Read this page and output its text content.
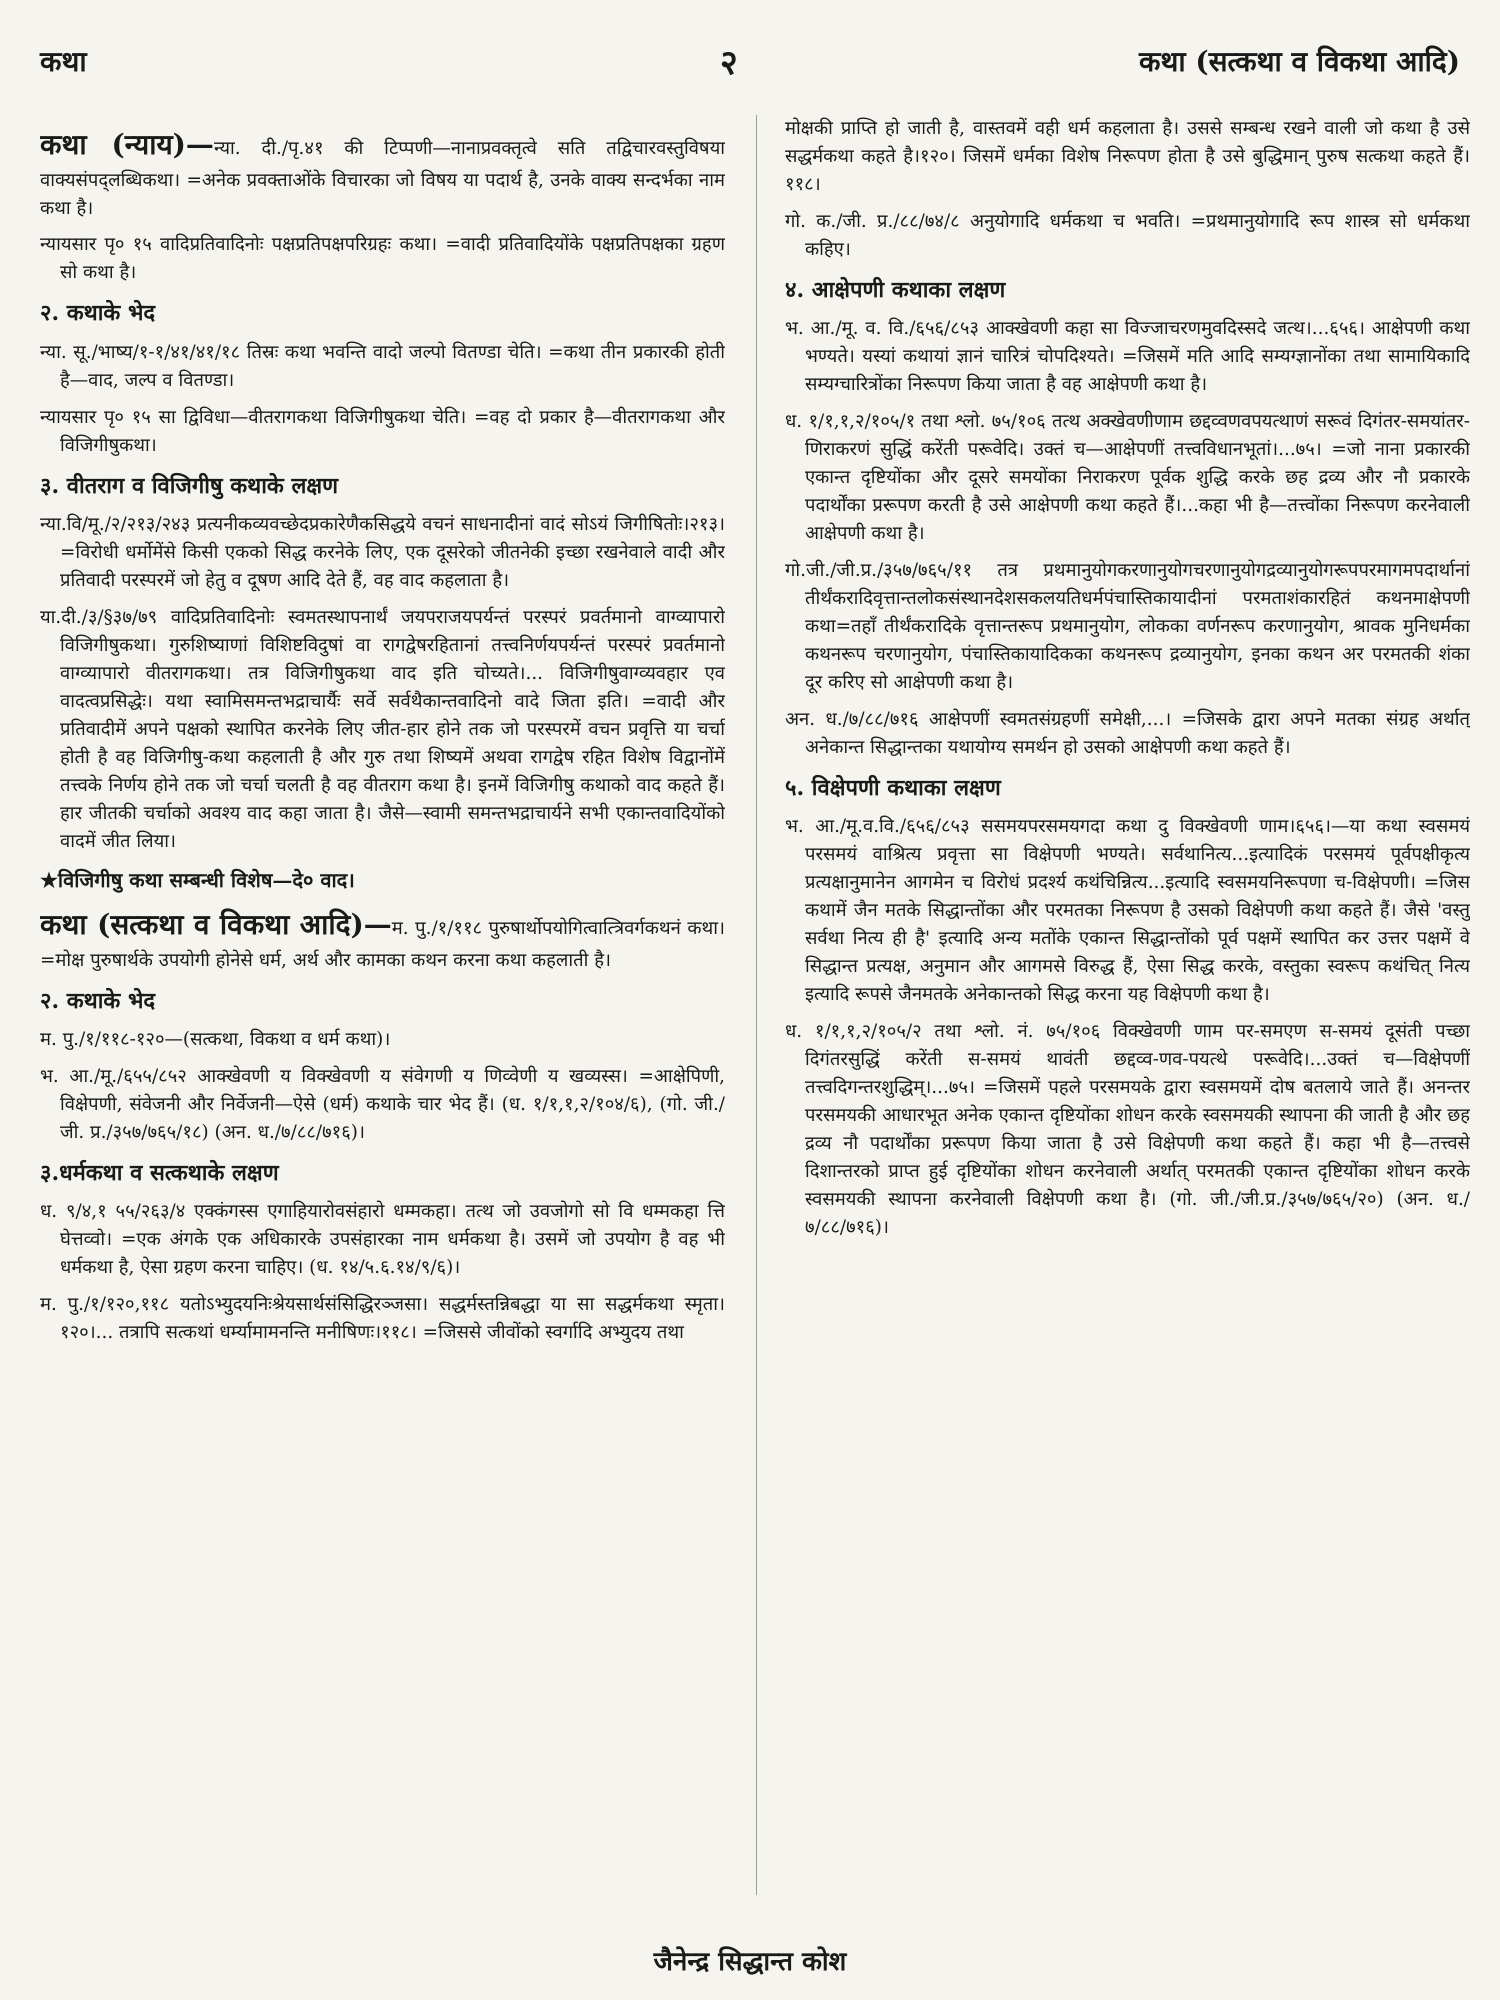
कथा	२	कथा (सत्कथा व विकथा आदि)

कथा (न्याय)—न्या. दी./पृ.४१ की टिप्पणी—नानाप्रवक्तृत्वे सति तद्विचारवस्तुविषया वाक्यसंपद्लब्धिकथा। =अनेक प्रवक्ताओंके विचारका जो विषय या पदार्थ है, उनके वाक्य सन्दर्भका नाम कथा है।

न्यायसार पृ० १५ वादिप्रतिवादिनोः पक्षप्रतिपक्षपरिग्रहः कथा। =वादी प्रतिवादियोंके पक्षप्रतिपक्षका ग्रहण सो कथा है।

२. कथाके भेद

न्या. सू./भाष्य/१-१/४१/४१/१८ तिस्रः कथा भवन्ति वादो जल्पो वितण्डा चेति। =कथा तीन प्रकारकी होती है—वाद, जल्प व वितण्डा।

न्यायसार पृ० १५ सा द्विविधा—वीतरागकथा विजिगीषुकथा चेति। =वह दो प्रकार है—वीतरागकथा और विजिगीषुकथा।

३. वीतराग व विजिगीषु कथाके लक्षण

न्या.वि/मू./२/२१३/२४३ प्रत्यनीकव्यवच्छेदप्रकारेणैकसिद्धये वचनं साधनादीनां वादं सोऽयं जिगीषितोः।२१३। =विरोधी धर्मोमेंसे किसी एकको सिद्ध करनेके लिए, एक दूसरेको जीतनेकी इच्छा रखनेवाले वादी और प्रतिवादी परस्परमें जो हेतु व दूषण आदि देते हैं, वह वाद कहलाता है।

या.दी./३/§३७/७९ वादिप्रतिवादिनोः स्वमतस्थापनार्थं जयपराजयपर्यन्तं परस्परं प्रवर्तमानो वाग्व्यापारो विजिगीषुकथा। गुरुशिष्याणां विशिष्टविदुषां वा रागद्वेषरहितानां तत्त्वनिर्णयपर्यन्तं परस्परं प्रवर्तमानो वाग्व्यापारो वीतरागकथा। तत्र विजिगीषुकथा वाद इति चोच्यते।... विजिगीषुवाग्व्यवहार एव वादत्वप्रसिद्धेः। यथा स्वामिसमन्तभद्राचार्यैः सर्वे सर्वथैकान्तवादिनो वादे जिता इति। =वादी और प्रतिवादीमें अपने पक्षको स्थापित करनेके लिए जीत-हार होने तक जो परस्परमें वचन प्रवृत्ति या चर्चा होती है वह विजिगीषु-कथा कहलाती है और गुरु तथा शिष्यमें अथवा रागद्वेष रहित विशेष विद्वानोंमें तत्त्वके निर्णय होने तक जो चर्चा चलती है वह वीतराग कथा है। इनमें विजिगीषु कथाको वाद कहते हैं। हार जीतकी चर्चाको अवश्य वाद कहा जाता है। जैसे—स्वामी समन्तभद्राचार्यने सभी एकान्तवादियोंको वादमें जीत लिया।

★विजिगीषु कथा सम्बन्धी विशेष—दे० वाद।

कथा (सत्कथा व विकथा आदि)—म. पु./१/११८ पुरुषार्थोपयोगित्वात्त्रिवर्गकथनं कथा। =मोक्ष पुरुषार्थके उपयोगी होनेसे धर्म, अर्थ और कामका कथन करना कथा कहलाती है।

२. कथाके भेद

म. पु./१/११८-१२०—(सत्कथा, विकथा व धर्म कथा)।

भ. आ./मू./६५५/८५२ आक्खेवणी य विक्खेवणी य संवेगणी य णिव्वेणी य खव्यस्स। =आक्षेपिणी, विक्षेपणी, संवेजनी और निर्वेजनी—ऐसे (धर्म) कथाके चार भेद हैं। (ध. १/१,१,२/१०४/६), (गो. जी./जी. प्र./३५७/७६५/१८) (अन. ध./७/८८/७१६)।

३.धर्मकथा व सत्कथाके लक्षण

ध. ९/४,१ ५५/२६३/४ एक्कंगस्स एगाहियारोवसंहारो धम्मकहा। तत्थ जो उवजोगो सो वि धम्मकहा त्ति घेत्तव्वो। =एक अंगके एक अधिकारके उपसंहारका नाम धर्मकथा है। उसमें जो उपयोग है वह भी धर्मकथा है, ऐसा ग्रहण करना चाहिए। (ध. १४/५.६.१४/९/६)।

म. पु./१/१२०,११८ यतोऽभ्युदयनिःश्रेयसार्थसंसिद्धिरञ्जसा। सद्धर्मस्तन्निबद्धा या सा सद्धर्मकथा स्मृता।१२०।... तत्रापि सत्कथां धर्म्यामामनन्ति मनीषिणः।११८। =जिससे जीवोंको स्वर्गादि अभ्युदय तथा

मोक्षकी प्राप्ति हो जाती है, वास्तवमें वही धर्म कहलाता है। उससे सम्बन्ध रखने वाली जो कथा है उसे सद्धर्मकथा कहते है।१२०। जिसमें धर्मका विशेष निरूपण होता है उसे बुद्धिमान् पुरुष सत्कथा कहते हैं।११८।

गो. क./जी. प्र./८८/७४/८ अनुयोगादि धर्मकथा च भवति। =प्रथमानुयोगादि रूप शास्त्र सो धर्मकथा कहिए।

४. आक्षेपणी कथाका लक्षण

भ. आ./मू. व. वि./६५६/८५३ आक्खेवणी कहा सा विज्जाचरणमुवदिस्सदे जत्थ।...६५६। आक्षेपणी कथा भण्यते। यस्यां कथायां ज्ञानं चारित्रं चोपदिश्यते। =जिसमें मति आदि सम्यग्ज्ञानोंका तथा सामायिकादि सम्यग्चारित्रोंका निरूपण किया जाता है वह आक्षेपणी कथा है।

ध. १/१,१,२/१०५/१ तथा श्लो. ७५/१०६ तत्थ अक्खेवणीणाम छद्दव्वणवपयत्थाणं सरूवं दिगंतर-समयांतर-णिराकरणं सुद्धिं करेंती परूवेदि। उक्तं च—आक्षेपणीं तत्त्वविधानभूतां।...७५। =जो नाना प्रकारकी एकान्त दृष्टियोंका और दूसरे समयोंका निराकरण पूर्वक शुद्धि करके छह द्रव्य और नौ प्रकारके पदार्थोंका प्ररूपण करती है उसे आक्षेपणी कथा कहते हैं।...कहा भी है—तत्त्वोंका निरूपण करनेवाली आक्षेपणी कथा है।

गो.जी./जी.प्र./३५७/७६५/११ तत्र प्रथमानुयोगकरणानुयोगचरणानुयोगद्रव्यानुयोगरूपपरमागमपदार्थानां तीर्थंकरादिवृत्तान्तलोकसंस्थानदेशसकलयतिधर्मपंचास्तिकायादीनां परमताशंकारहितं कथनमाक्षेपणी कथा=तहाँ तीर्थंकरादिके वृत्तान्तरूप प्रथमानुयोग, लोकका वर्णनरूप करणानुयोग, श्रावक मुनिधर्मका कथनरूप चरणानुयोग, पंचास्तिकायादिकका कथनरूप द्रव्यानुयोग, इनका कथन अर परमतकी शंका दूर करिए सो आक्षेपणी कथा है।

अन. ध./७/८८/७१६ आक्षेपणीं स्वमतसंग्रहणीं समेक्षी,...। =जिसके द्वारा अपने मतका संग्रह अर्थात् अनेकान्त सिद्धान्तका यथायोग्य समर्थन हो उसको आक्षेपणी कथा कहते हैं।

५. विक्षेपणी कथाका लक्षण

भ. आ./मू.व.वि./६५६/८५३ ससमयपरसमयगदा कथा दु विक्खेवणी णाम।६५६।—या कथा स्वसमयं परसमयं वाश्रित्य प्रवृत्ता सा विक्षेपणी भण्यते। सर्वथानित्य...इत्यादिकं परसमयं पूर्वपक्षीकृत्य प्रत्यक्षानुमानेन आगमेन च विरोधं प्रदर्श्य कथंचिन्नित्य...इत्यादि स्वसमयनिरूपणा च-विक्षेपणी। =जिस कथामें जैन मतके सिद्धान्तोंका और परमतका निरूपण है उसको विक्षेपणी कथा कहते हैं। जैसे 'वस्तु सर्वथा नित्य ही है' इत्यादि अन्य मतोंके एकान्त सिद्धान्तोंको पूर्व पक्षमें स्थापित कर उत्तर पक्षमें वे सिद्धान्त प्रत्यक्ष, अनुमान और आगमसे विरुद्ध हैं, ऐसा सिद्ध करके, वस्तुका स्वरूप कथंचित् नित्य इत्यादि रूपसे जैनमतके अनेकान्तको सिद्ध करना यह विक्षेपणी कथा है।

ध. १/१,१,२/१०५/२ तथा श्लो. नं. ७५/१०६ विक्खेवणी णाम पर-समएण स-समयं दूसंती पच्छा दिगंतरसुद्धिं करेंती स-समयं थावंती छद्दव्व-णव-पयत्थे परूवेदि।...उक्तं च—विक्षेपणीं तत्त्वदिगन्तरशुद्धिम्।...७५। =जिसमें पहले परसमयके द्वारा स्वसमयमें दोष बतलाये जाते हैं। अनन्तर परसमयकी आधारभूत अनेक एकान्त दृष्टियोंका शोधन करके स्वसमयकी स्थापना की जाती है और छह द्रव्य नौ पदार्थोंका प्ररूपण किया जाता है उसे विक्षेपणी कथा कहते हैं। कहा भी है—तत्त्वसे दिशान्तरको प्राप्त हुई दृष्टियोंका शोधन करनेवाली अर्थात् परमतकी एकान्त दृष्टियोंका शोधन करके स्वसमयकी स्थापना करनेवाली विक्षेपणी कथा है। (गो. जी./जी.प्र./३५७/७६५/२०) (अन. ध./७/८८/७१६)।

जैनेन्द्र सिद्धान्त कोश
